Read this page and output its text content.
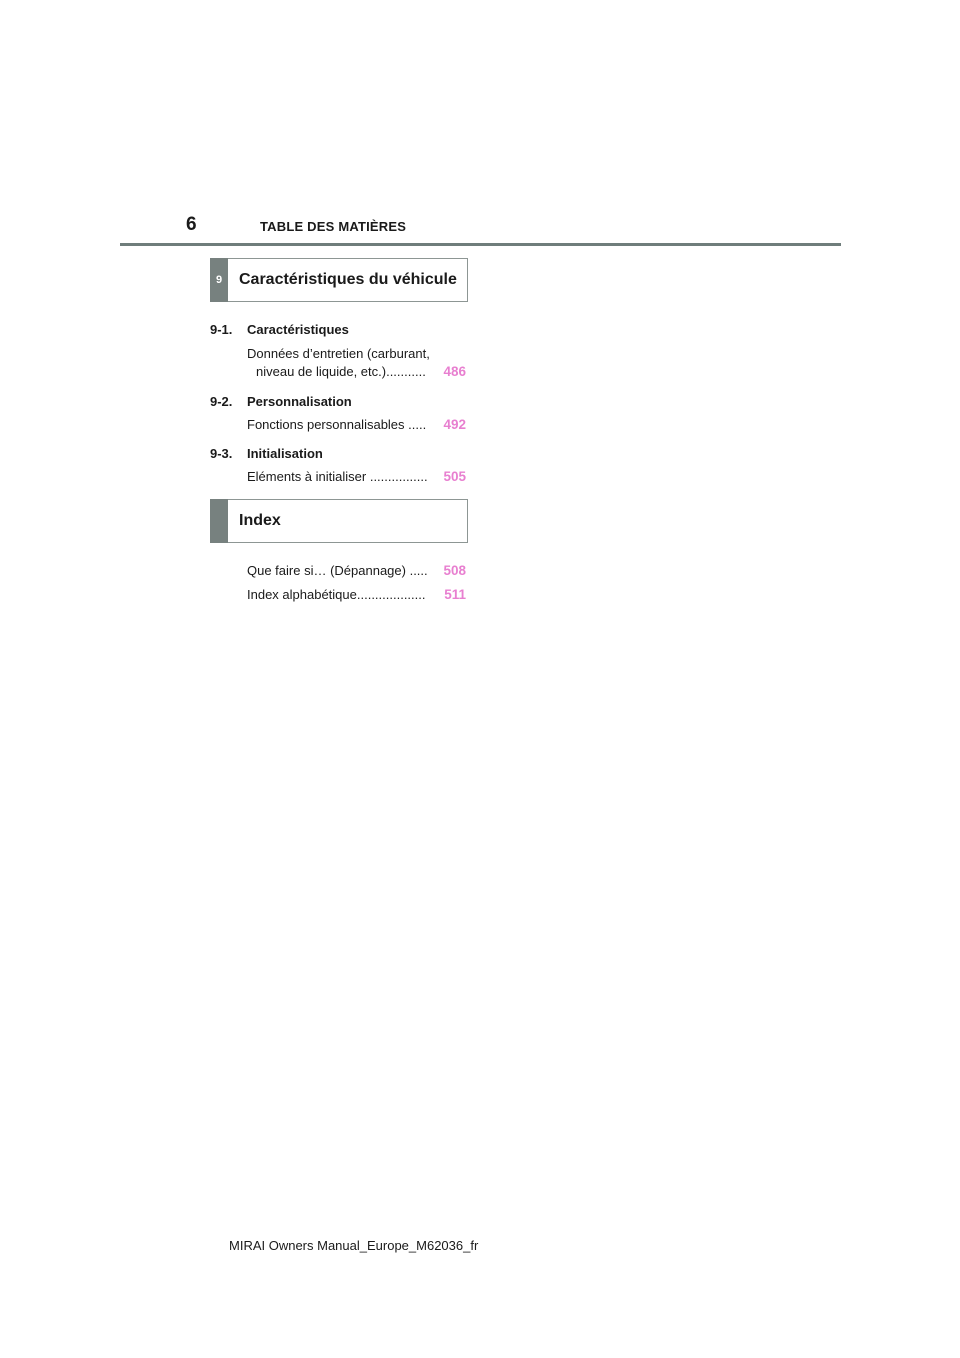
6	TABLE DES MATIÈRES
9	Caractéristiques du véhicule
9-1. Caractéristiques
Données d’entretien (carburant,
niveau de liquide, etc.)...........	486
9-2. Personnalisation
Fonctions personnalisables .....	492
9-3. Initialisation
Eléments à initialiser ................	505
Index
Que faire si… (Dépannage) .....	508
Index alphabétique...................	511
MIRAI Owners Manual_Europe_M62036_fr
